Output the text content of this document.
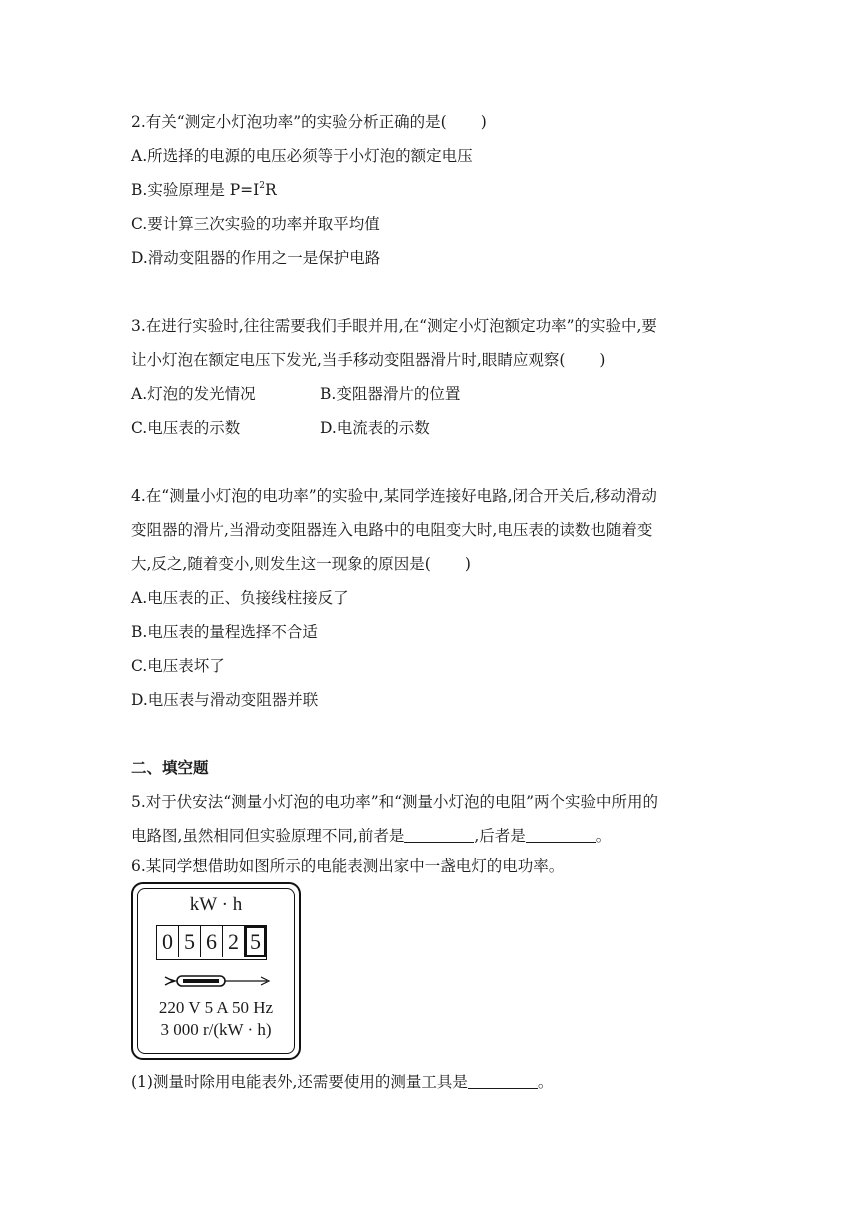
2.有关“测定小灯泡功率”的实验分析正确的是( )
A.所选择的电源的电压必须等于小灯泡的额定电压
B.实验原理是 $P=I^2R$
C.要计算三次实验的功率并取平均值
D.滑动变阻器的作用之一是保护电路
3.在进行实验时,往往需要我们手眼并用,在“测定小灯泡额定功率”的实验中,要
让小灯泡在额定电压下发光,当手移动变阻器滑片时,眼睛应观察( )
A.灯泡的发光情况	B.变阻器滑片的位置
C.电压表的示数	D.电流表的示数
4.在“测量小灯泡的电功率”的实验中,某同学连接好电路,闭合开关后,移动滑动
变阻器的滑片,当滑动变阻器连入电路中的电阻变大时,电压表的读数也随着变
大,反之,随着变小,则发生这一现象的原因是( )
A.电压表的正、负接线柱接反了
B.电压表的量程选择不合适
C.电压表坏了
D.电压表与滑动变阻器并联
二、填空题
5.对于伏安法“测量小灯泡的电功率”和“测量小灯泡的电阻”两个实验中所用的
电路图,虽然相同但实验原理不同,前者是	,后者是	。
6.某同学想借助如图所示的电能表测出家中一盏电灯的电功率。
kW · h
0 5 6 2 5
220 V 5 A 50 Hz
3 000 r/(kW · h)
(1)测量时除用电能表外,还需要使用的测量工具是	。
